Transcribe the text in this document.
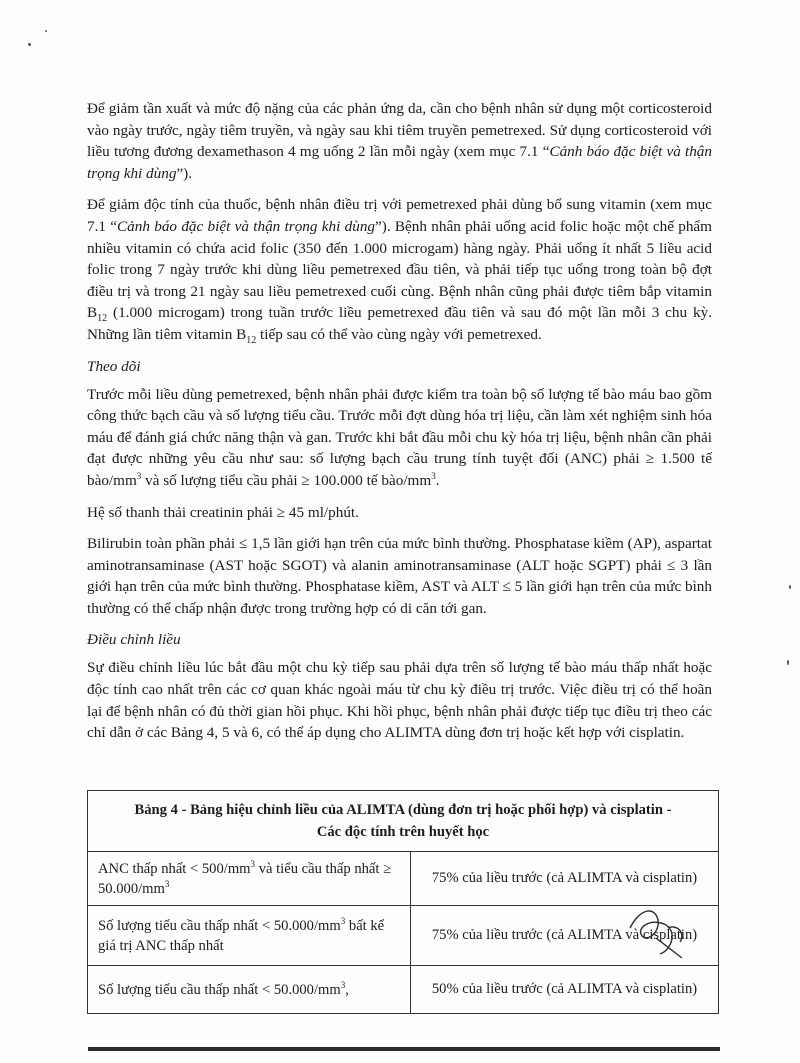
Để giảm tần xuất và mức độ nặng của các phản ứng da, cần cho bệnh nhân sử dụng một corticosteroid vào ngày trước, ngày tiêm truyền, và ngày sau khi tiêm truyền pemetrexed. Sử dụng corticosteroid với liều tương đương dexamethason 4 mg uống 2 lần mỗi ngày (xem mục 7.1 “Cảnh báo đặc biệt và thận trọng khi dùng”).

Để giảm độc tính của thuốc, bệnh nhân điều trị với pemetrexed phải dùng bổ sung vitamin (xem mục 7.1 “Cảnh báo đặc biệt và thận trọng khi dùng”). Bệnh nhân phải uống acid folic hoặc một chế phẩm nhiều vitamin có chứa acid folic (350 đến 1.000 microgam) hàng ngày. Phải uống ít nhất 5 liều acid folic trong 7 ngày trước khi dùng liều pemetrexed đầu tiên, và phải tiếp tục uống trong toàn bộ đợt điều trị và trong 21 ngày sau liều pemetrexed cuối cùng. Bệnh nhân cũng phải được tiêm bắp vitamin $B_{12}$ (1.000 microgam) trong tuần trước liều pemetrexed đầu tiên và sau đó một lần mỗi 3 chu kỳ. Những lần tiêm vitamin $B_{12}$ tiếp sau có thể vào cùng ngày với pemetrexed.

Theo dõi

Trước mỗi liều dùng pemetrexed, bệnh nhân phải được kiểm tra toàn bộ số lượng tế bào máu bao gồm công thức bạch cầu và số lượng tiểu cầu. Trước mỗi đợt dùng hóa trị liệu, cần làm xét nghiệm sinh hóa máu để đánh giá chức năng thận và gan. Trước khi bắt đầu mỗi chu kỳ hóa trị liệu, bệnh nhân cần phải đạt được những yêu cầu như sau: số lượng bạch cầu trung tính tuyệt đối (ANC) phải ≥ 1.500 tế bào/$mm^3$ và số lượng tiểu cầu phải ≥ 100.000 tế bào/$mm^3$.

Hệ số thanh thải creatinin phải ≥ 45 ml/phút.

Bilirubin toàn phần phải ≤ 1,5 lần giới hạn trên của mức bình thường. Phosphatase kiềm (AP), aspartat aminotransaminase (AST hoặc SGOT) và alanin aminotransaminase (ALT hoặc SGPT) phải ≤ 3 lần giới hạn trên của mức bình thường. Phosphatase kiềm, AST và ALT ≤ 5 lần giới hạn trên của mức bình thường có thể chấp nhận được trong trường hợp có di căn tới gan.

Điều chỉnh liều

Sự điều chỉnh liều lúc bắt đầu một chu kỳ tiếp sau phải dựa trên số lượng tế bào máu thấp nhất hoặc độc tính cao nhất trên các cơ quan khác ngoài máu từ chu kỳ điều trị trước. Việc điều trị có thể hoãn lại để bệnh nhân có đủ thời gian hồi phục. Khi hồi phục, bệnh nhân phải được tiếp tục điều trị theo các chỉ dẫn ở các Bảng 4, 5 và 6, có thể áp dụng cho ALIMTA dùng đơn trị hoặc kết hợp với cisplatin.

Bảng 4 - Bảng hiệu chỉnh liều của ALIMTA (dùng đơn trị hoặc phối hợp) và cisplatin -
Các độc tính trên huyết học	
ANC thấp nhất < $500/mm^3$ và tiểu cầu thấp nhất ≥ $50.000/mm^3$	75% của liều trước (cả ALIMTA và cisplatin)
Số lượng tiểu cầu thấp nhất < $50.000/mm^3$ bất kể giá trị ANC thấp nhất	75% của liều trước (cả ALIMTA và cisplatin)
Số lượng tiểu cầu thấp nhất < $50.000/mm^3$,	50% của liều trước (cả ALIMTA và cisplatin)
